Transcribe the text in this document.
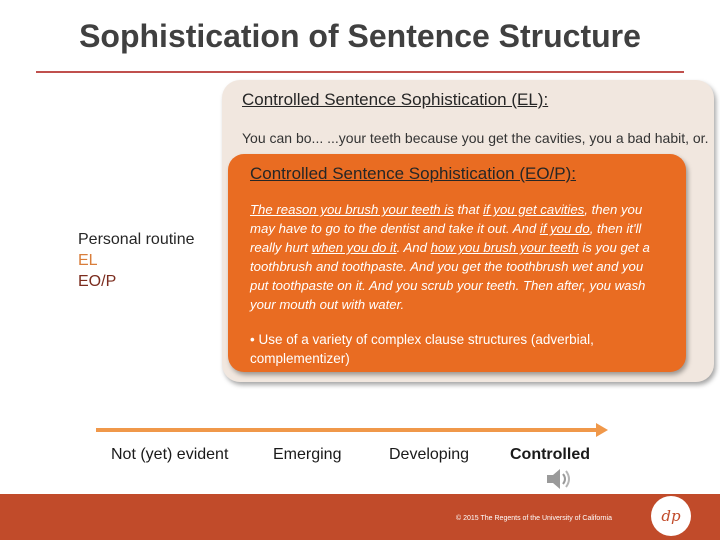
Sophistication of Sentence Structure
Controlled Sentence Sophistication (EL):
You can bo... ...your teeth because you get the cavities, you a bad habit, or.
Controlled Sentence Sophistication (EO/P):
The reason you brush your teeth is that if you get cavities, then you may have to go to the dentist and take it out. And if you do, then it'll really hurt when you do it. And how you brush your teeth is you get a toothbrush and toothpaste. And you get the toothbrush wet and you put toothpaste on it. And you scrub your teeth. Then after, you wash your mouth out with water.
• Use of a variety of complex clause structures (adverbial, complementizer)
Personal routine
EL
EO/P
Not (yet) evident	Emerging	Developing	Controlled
© 2015 The Regents of the University of California	dp
